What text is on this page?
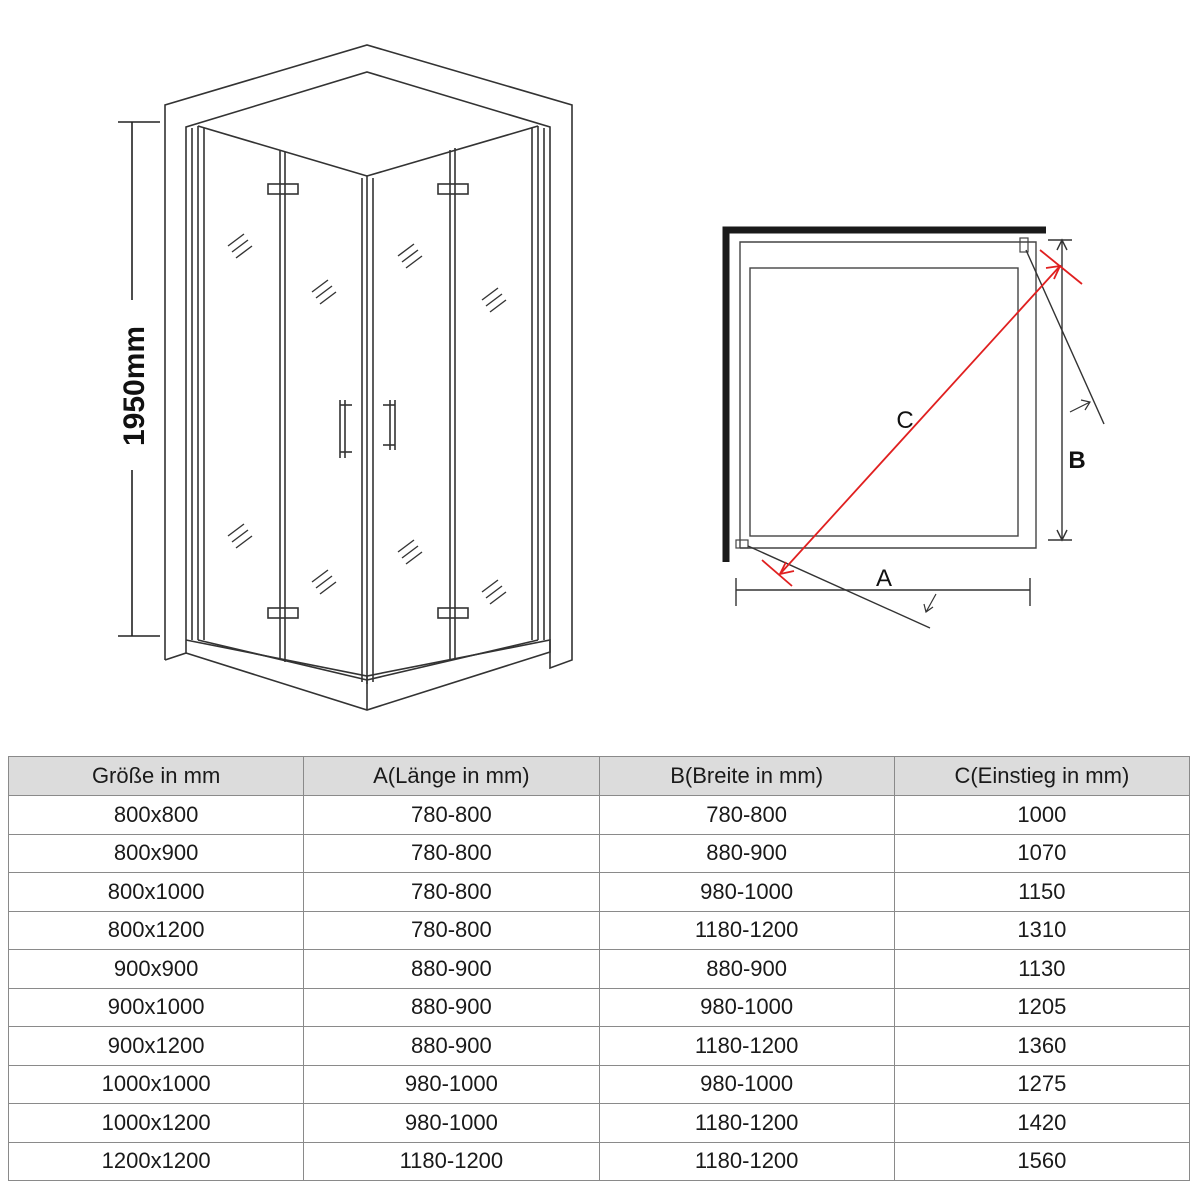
1950mm	C
A
B
Größe in mm	A(Länge in mm)	B(Breite in mm)	C(Einstieg in mm)
800x800	780-800	780-800	1000
800x900	780-800	880-900	1070
800x1000	780-800	980-1000	1150
800x1200	780-800	1180-1200	1310
900x900	880-900	880-900	1130
900x1000	880-900	980-1000	1205
900x1200	880-900	1180-1200	1360
1000x1000	980-1000	980-1000	1275
1000x1200	980-1000	1180-1200	1420
1200x1200	1180-1200	1180-1200	1560
